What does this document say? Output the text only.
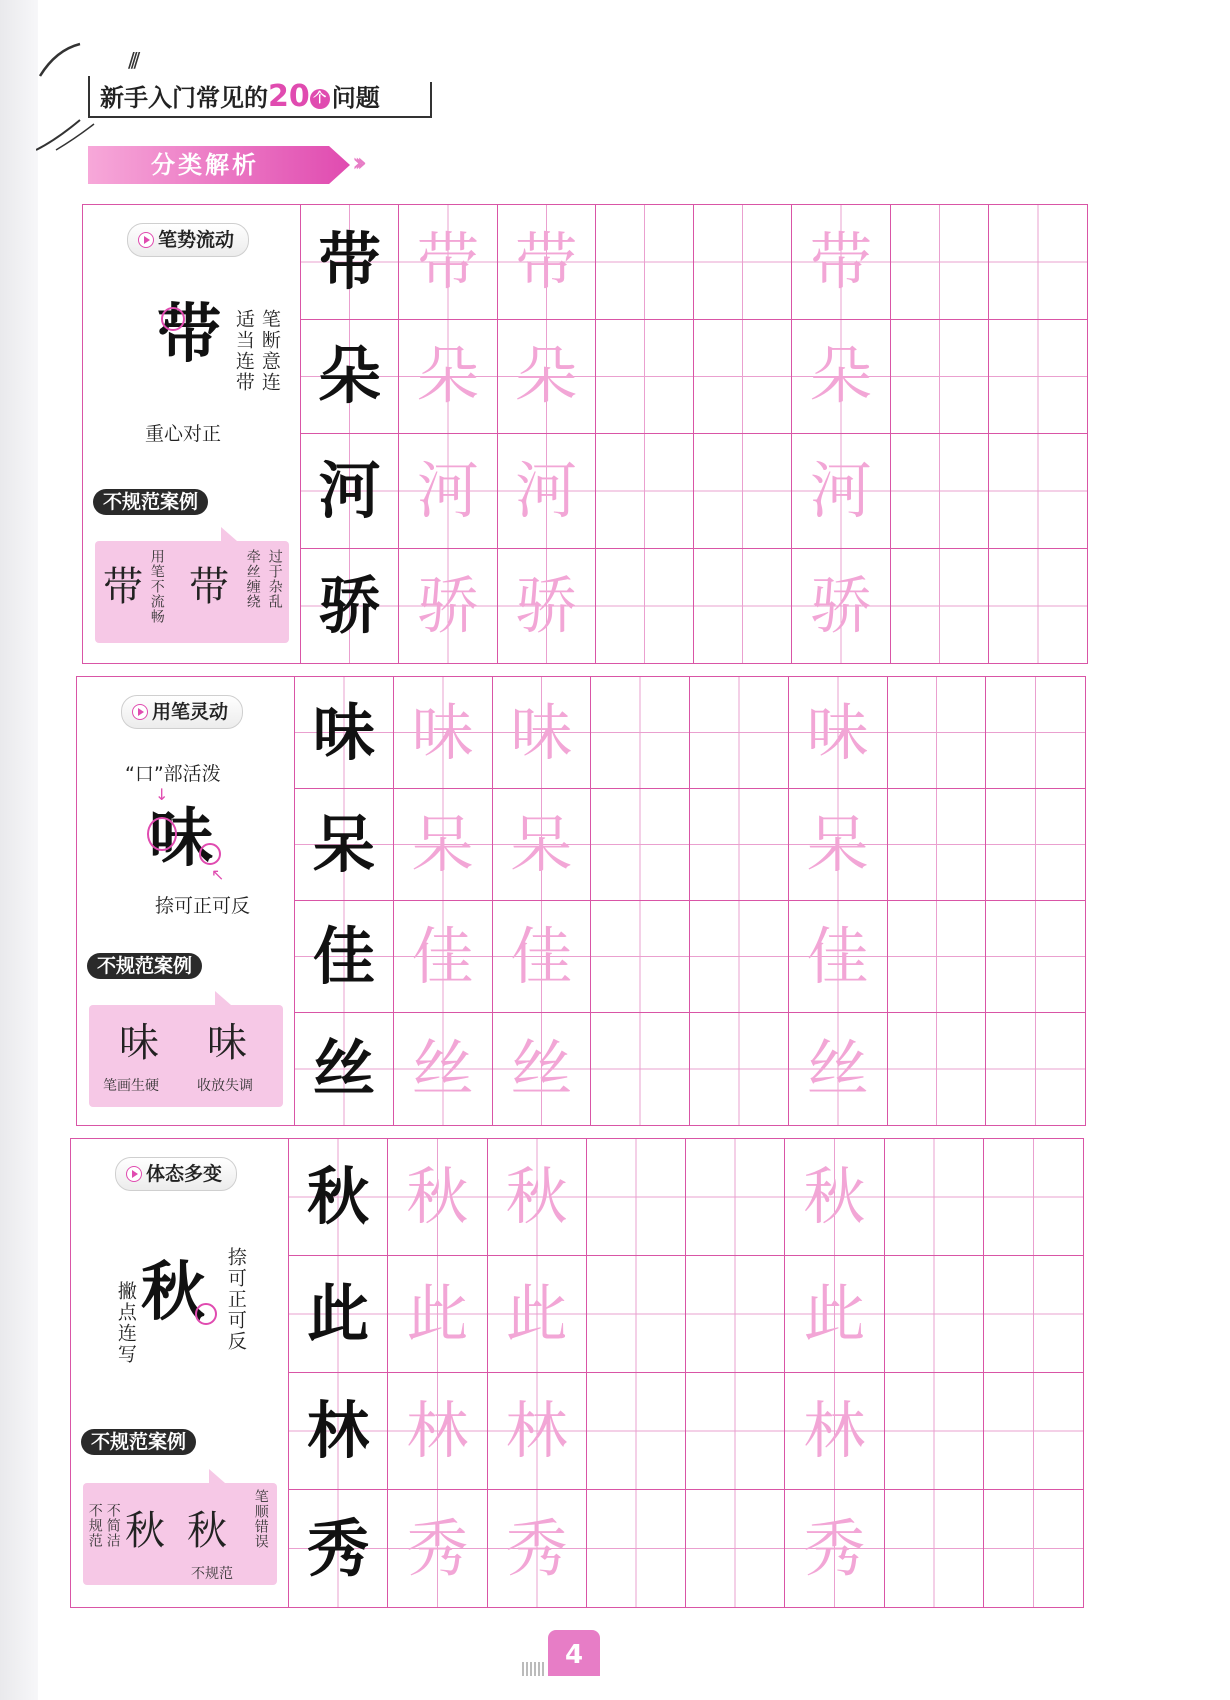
///
新手入门常见的20 个 问题
分类解析	›››
笔势流动
带 笔断意连
适当连带
重心对正
不规范案例
带 用笔不流畅 带 牵丝缠绕 过于杂乱
带 带 带	带
朵 朵 朵	朵
河 河 河	河
骄 骄 骄	骄
用笔灵动
“口”部活泼
↓
味
↖
捺可正可反
不规范案例
味 味
笔画生硬	收放失调
味 味 味	味
呆 呆 呆	呆
佳 佳 佳	佳
丝 丝 丝	丝
体态多变
撇点连写 秋 捺可正可反
不规范案例
不规范 不简洁 秋 秋 笔顺错误
不规范
秋 秋 秋	秋
此 此 此	此
林 林 林	林
秀 秀 秀	秀
4
